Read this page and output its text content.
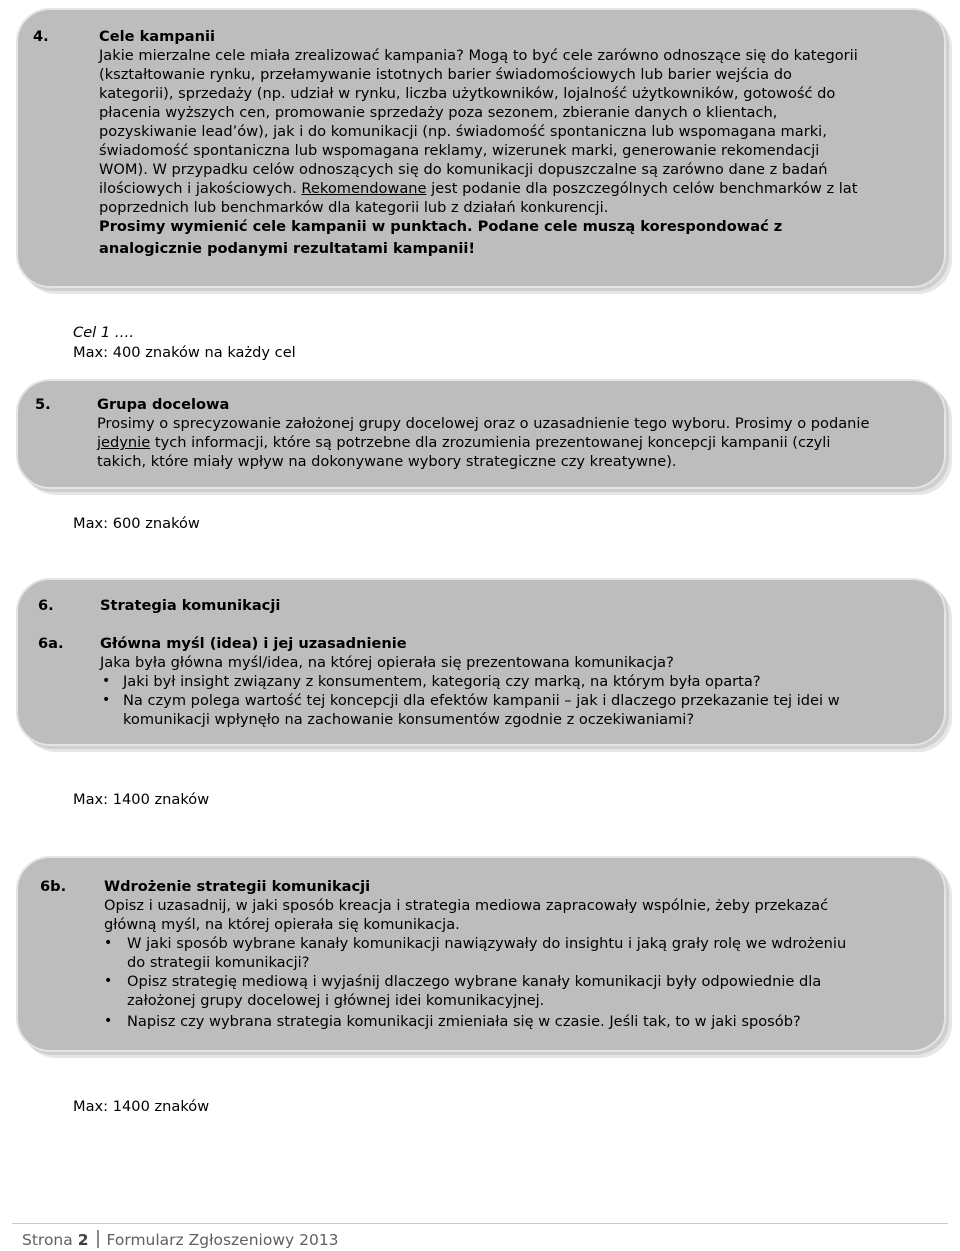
4.	Cele kampanii
Jakie mierzalne cele miała zrealizować kampania? Mogą to być cele zarówno odnoszące się do kategorii
(kształtowanie rynku, przełamywanie istotnych barier świadomościowych lub barier wejścia do
kategorii), sprzedaży (np. udział w rynku, liczba użytkowników, lojalność użytkowników, gotowość do
płacenia wyższych cen, promowanie sprzedaży poza sezonem, zbieranie danych o klientach,
pozyskiwanie lead’ów), jak i do komunikacji (np. świadomość spontaniczna lub wspomagana marki,
świadomość spontaniczna lub wspomagana reklamy, wizerunek marki, generowanie rekomendacji
WOM). W przypadku celów odnoszących się do komunikacji dopuszczalne są zarówno dane z badań
ilościowych i jakościowych. Rekomendowane jest podanie dla poszczególnych celów benchmarków z lat
poprzednich lub benchmarków dla kategorii lub z działań konkurencji.
Prosimy wymienić cele kampanii w punktach. Podane cele muszą korespondować z
analogicznie podanymi rezultatami kampanii!
Cel 1 ….
Max: 400 znaków na każdy cel
5.	Grupa docelowa
Prosimy o sprecyzowanie założonej grupy docelowej oraz o uzasadnienie tego wyboru. Prosimy o podanie
jedynie tych informacji, które są potrzebne dla zrozumienia prezentowanej koncepcji kampanii (czyli
takich, które miały wpływ na dokonywane wybory strategiczne czy kreatywne).
Max: 600 znaków
6.	Strategia komunikacji
6a. Główna myśl (idea) i jej uzasadnienie
Jaka była główna myśl/idea, na której opierała się prezentowana komunikacja?
• Jaki był insight związany z konsumentem, kategorią czy marką, na którym była oparta?
• Na czym polega wartość tej koncepcji dla efektów kampanii – jak i dlaczego przekazanie tej idei w
komunikacji wpłynęło na zachowanie konsumentów zgodnie z oczekiwaniami?
Max: 1400 znaków
6b.	Wdrożenie strategii komunikacji
Opisz i uzasadnij, w jaki sposób kreacja i strategia mediowa zapracowały wspólnie, żeby przekazać
główną myśl, na której opierała się komunikacja.
• W jaki sposób wybrane kanały komunikacji nawiązywały do insightu i jaką grały rolę we wdrożeniu
do strategii komunikacji?
• Opisz strategię mediową i wyjaśnij dlaczego wybrane kanały komunikacji były odpowiednie dla
założonej grupy docelowej i głównej idei komunikacyjnej.
• Napisz czy wybrana strategia komunikacji zmieniała się w czasie. Jeśli tak, to w jaki sposób?
Max: 1400 znaków
Strona 2 Formularz Zgłoszeniowy 2013
